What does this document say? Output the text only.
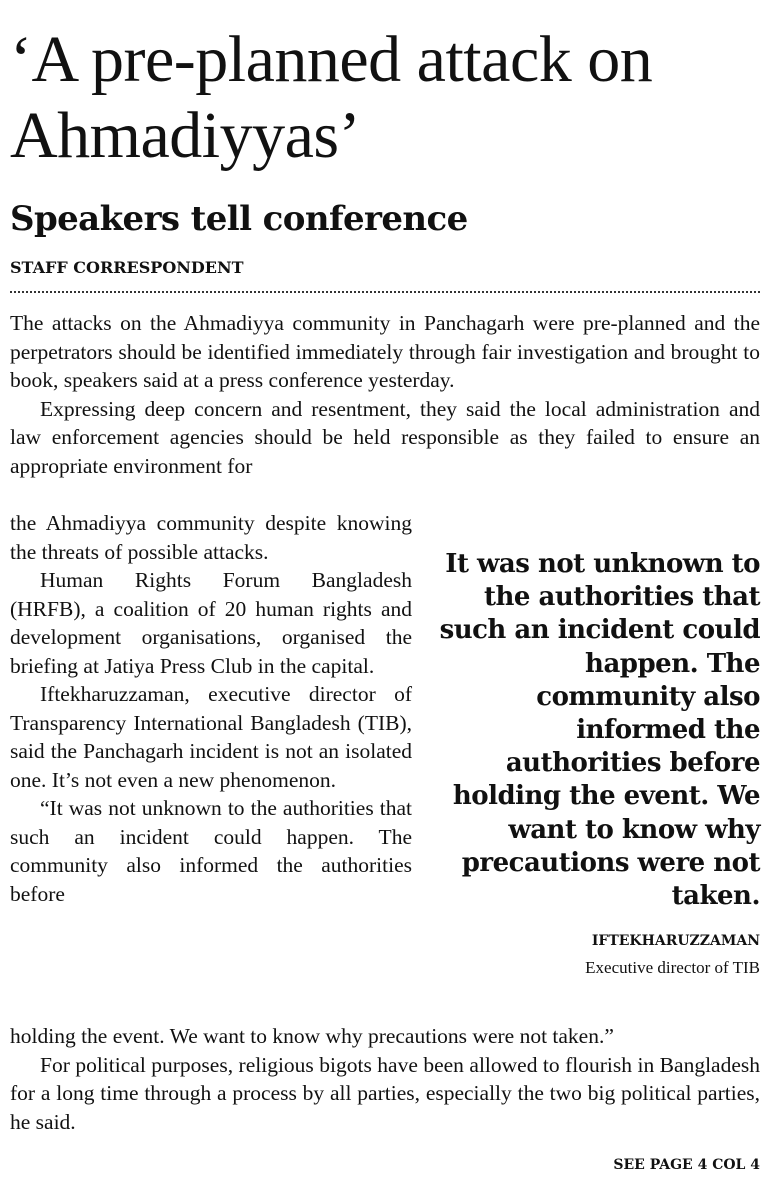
‘A pre-planned attack on Ahmadiyyas’
Speakers tell conference
STAFF CORRESPONDENT

The attacks on the Ahmadiyya community in Panchagarh were pre-planned and the perpetrators should be identified immediately through fair investigation and brought to book, speakers said at a press conference yesterday.

Expressing deep concern and resentment, they said the local administration and law enforcement agencies should be held responsible as they failed to ensure an appropriate environment for

the Ahmadiyya community despite knowing the threats of possible attacks.

Human Rights Forum Bangladesh (HRFB), a coalition of 20 human rights and development organisations, organised the briefing at Jatiya Press Club in the capital.

Iftekharuzzaman, executive director of Transparency International Bangladesh (TIB), said the Panchagarh incident is not an isolated one. It’s not even a new phenomenon.

“It was not unknown to the authorities that such an incident could happen. The community also informed the authorities before

It was not unknown to the authorities that such an incident could happen. The community also informed the authorities before holding the event. We want to know why precautions were not taken.

IFTEKHARUZZAMAN
Executive director of TIB

holding the event. We want to know why precautions were not taken.”

For political purposes, religious bigots have been allowed to flourish in Bangladesh for a long time through a process by all parties, especially the two big political parties, he said.

SEE PAGE 4 COL 4
